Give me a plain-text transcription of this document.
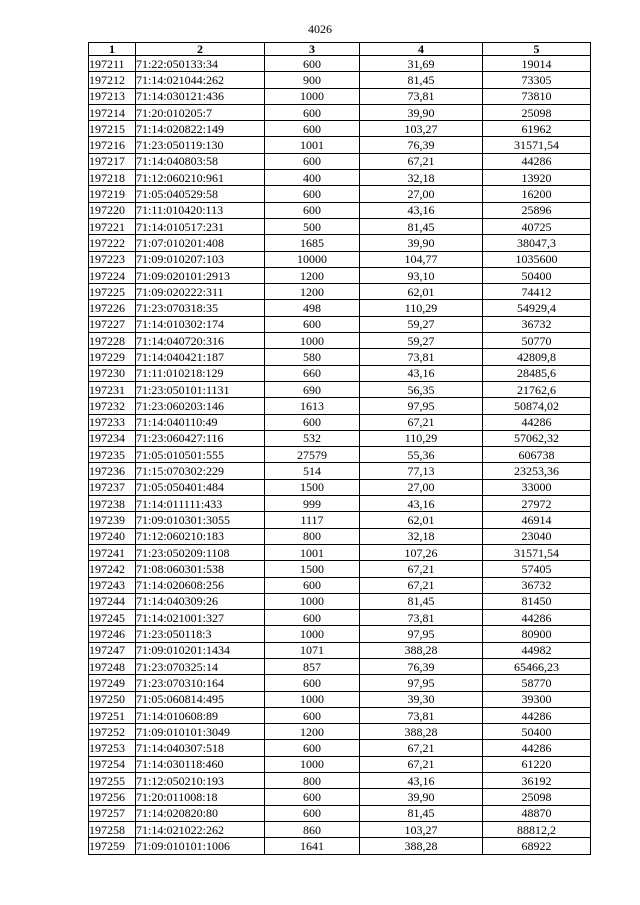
4026
1	2	3	4	5
197211	71:22:050133:34	600	31,69	19014
197212	71:14:021044:262	900	81,45	73305
197213	71:14:030121:436	1000	73,81	73810
197214	71:20:010205:7	600	39,90	25098
197215	71:14:020822:149	600	103,27	61962
197216	71:23:050119:130	1001	76,39	31571,54
197217	71:14:040803:58	600	67,21	44286
197218	71:12:060210:961	400	32,18	13920
197219	71:05:040529:58	600	27,00	16200
197220	71:11:010420:113	600	43,16	25896
197221	71:14:010517:231	500	81,45	40725
197222	71:07:010201:408	1685	39,90	38047,3
197223	71:09:010207:103	10000	104,77	1035600
197224	71:09:020101:2913	1200	93,10	50400
197225	71:09:020222:311	1200	62,01	74412
197226	71:23:070318:35	498	110,29	54929,4
197227	71:14:010302:174	600	59,27	36732
197228	71:14:040720:316	1000	59,27	50770
197229	71:14:040421:187	580	73,81	42809,8
197230	71:11:010218:129	660	43,16	28485,6
197231	71:23:050101:1131	690	56,35	21762,6
197232	71:23:060203:146	1613	97,95	50874,02
197233	71:14:040110:49	600	67,21	44286
197234	71:23:060427:116	532	110,29	57062,32
197235	71:05:010501:555	27579	55,36	606738
197236	71:15:070302:229	514	77,13	23253,36
197237	71:05:050401:484	1500	27,00	33000
197238	71:14:011111:433	999	43,16	27972
197239	71:09:010301:3055	1117	62,01	46914
197240	71:12:060210:183	800	32,18	23040
197241	71:23:050209:1108	1001	107,26	31571,54
197242	71:08:060301:538	1500	67,21	57405
197243	71:14:020608:256	600	67,21	36732
197244	71:14:040309:26	1000	81,45	81450
197245	71:14:021001:327	600	73,81	44286
197246	71:23:050118:3	1000	97,95	80900
197247	71:09:010201:1434	1071	388,28	44982
197248	71:23:070325:14	857	76,39	65466,23
197249	71:23:070310:164	600	97,95	58770
197250	71:05:060814:495	1000	39,30	39300
197251	71:14:010608:89	600	73,81	44286
197252	71:09:010101:3049	1200	388,28	50400
197253	71:14:040307:518	600	67,21	44286
197254	71:14:030118:460	1000	67,21	61220
197255	71:12:050210:193	800	43,16	36192
197256	71:20:011008:18	600	39,90	25098
197257	71:14:020820:80	600	81,45	48870
197258	71:14:021022:262	860	103,27	88812,2
197259	71:09:010101:1006	1641	388,28	68922
